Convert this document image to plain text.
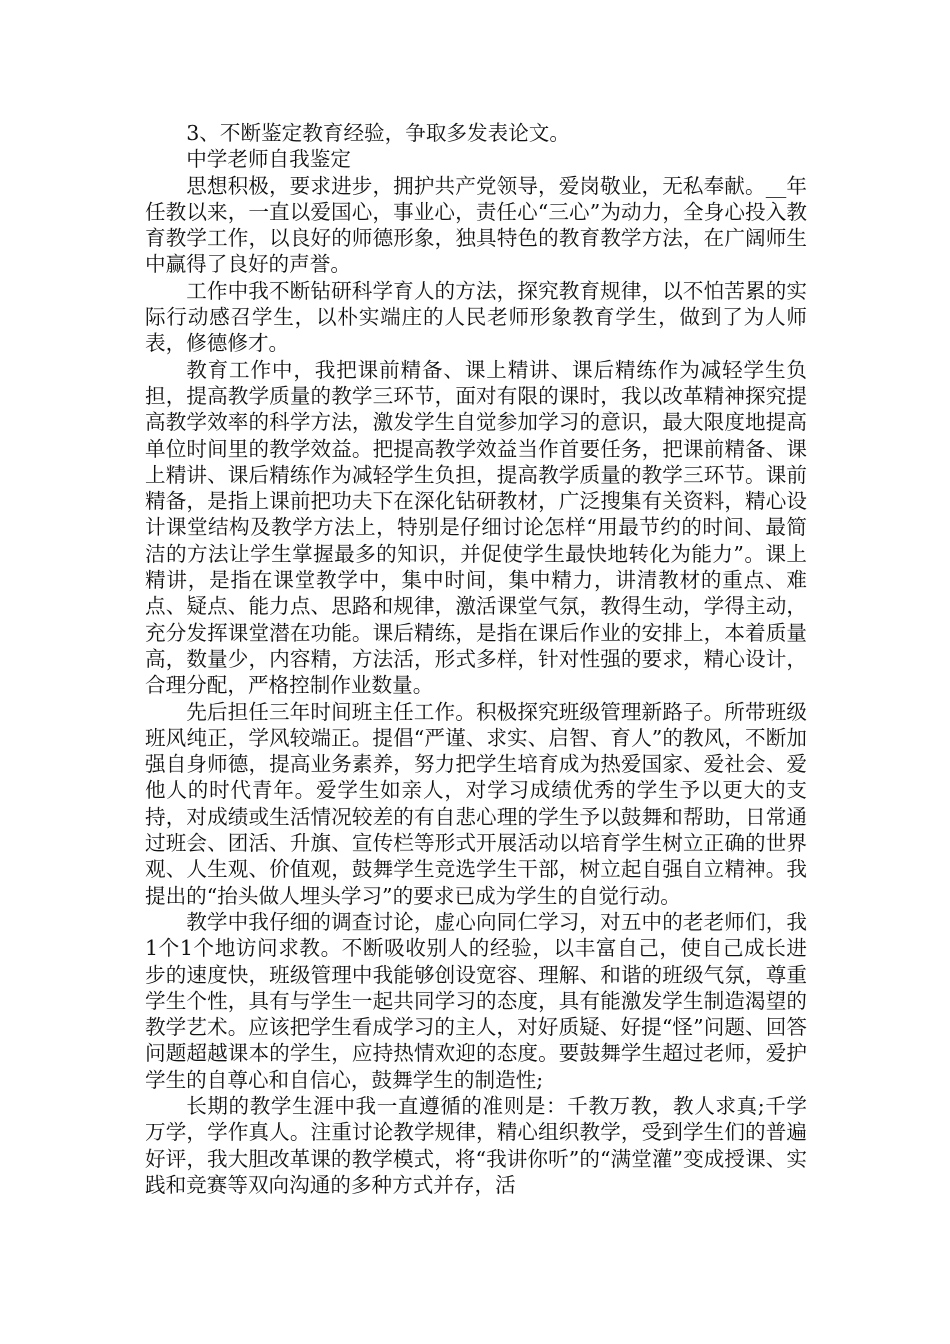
3、不断鉴定教育经验，争取多发表论文。

中学老师自我鉴定

思想积极，要求进步，拥护共产党领导，爱岗敬业，无私奉献。__年任教以来，一直以爱国心，事业心，责任心“三心”为动力，全身心投入教育教学工作，以良好的师德形象，独具特色的教育教学方法，在广阔师生中赢得了良好的声誉。

工作中我不断钻研科学育人的方法，探究教育规律，以不怕苦累的实际行动感召学生，以朴实端庄的人民老师形象教育学生，做到了为人师表，修德修才。

教育工作中，我把课前精备、课上精讲、课后精练作为减轻学生负担，提高教学质量的教学三环节，面对有限的课时，我以改革精神探究提高教学效率的科学方法，激发学生自觉参加学习的意识，最大限度地提高单位时间里的教学效益。把提高教学效益当作首要任务，把课前精备、课上精讲、课后精练作为减轻学生负担，提高教学质量的教学三环节。课前精备，是指上课前把功夫下在深化钻研教材，广泛搜集有关资料，精心设计课堂结构及教学方法上，特别是仔细讨论怎样“用最节约的时间、最简洁的方法让学生掌握最多的知识，并促使学生最快地转化为能力”。课上精讲，是指在课堂教学中，集中时间，集中精力，讲清教材的重点、难点、疑点、能力点、思路和规律，激活课堂气氛，教得生动，学得主动，充分发挥课堂潜在功能。课后精练，是指在课后作业的安排上，本着质量高，数量少，内容精，方法活，形式多样，针对性强的要求，精心设计，合理分配，严格控制作业数量。

先后担任三年时间班主任工作。积极探究班级管理新路子。所带班级班风纯正，学风较端正。提倡“严谨、求实、启智、育人”的教风，不断加强自身师德，提高业务素养，努力把学生培育成为热爱国家、爱社会、爱他人的时代青年。爱学生如亲人，对学习成绩优秀的学生予以更大的支持，对成绩或生活情况较差的有自悲心理的学生予以鼓舞和帮助，日常通过班会、团活、升旗、宣传栏等形式开展活动以培育学生树立正确的世界观、人生观、价值观，鼓舞学生竞选学生干部，树立起自强自立精神。我提出的“抬头做人埋头学习”的要求已成为学生的自觉行动。

教学中我仔细的调查讨论，虚心向同仁学习，对五中的老老师们，我1个1个地访问求教。不断吸收别人的经验，以丰富自己，使自己成长进步的速度快，班级管理中我能够创设宽容、理解、和谐的班级气氛，尊重学生个性，具有与学生一起共同学习的态度，具有能激发学生制造渴望的教学艺术。应该把学生看成学习的主人，对好质疑、好提“怪”问题、回答问题超越课本的学生，应持热情欢迎的态度。要鼓舞学生超过老师，爱护学生的自尊心和自信心，鼓舞学生的制造性;

长期的教学生涯中我一直遵循的准则是：千教万教，教人求真;千学万学，学作真人。注重讨论教学规律，精心组织教学，受到学生们的普遍好评，我大胆改革课的教学模式，将“我讲你听”的“满堂灌”变成授课、实践和竞赛等双向沟通的多种方式并存，活
